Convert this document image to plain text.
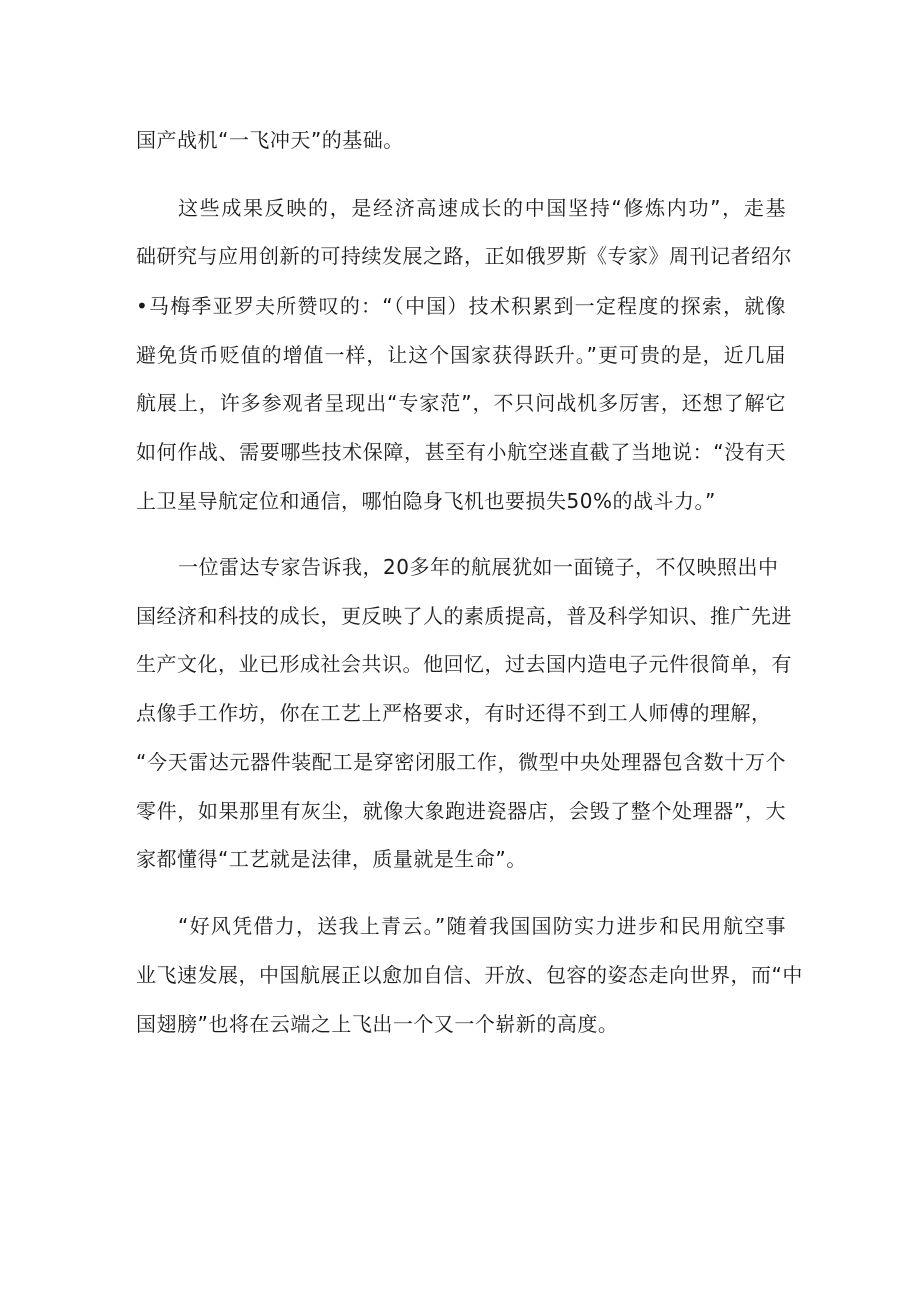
国产战机“一飞冲天”的基础。
这些成果反映的，是经济高速成长的中国坚持“修炼内功”，走基
础研究与应用创新的可持续发展之路，正如俄罗斯《专家》周刊记者绍尔
•马梅季亚罗夫所赞叹的：“（中国）技术积累到一定程度的探索，就像
避免货币贬值的增值一样，让这个国家获得跃升。”更可贵的是，近几届
航展上，许多参观者呈现出“专家范”，不只问战机多厉害，还想了解它
如何作战、需要哪些技术保障，甚至有小航空迷直截了当地说：“没有天
上卫星导航定位和通信，哪怕隐身飞机也要损失50%的战斗力。”
一位雷达专家告诉我，20多年的航展犹如一面镜子，不仅映照出中
国经济和科技的成长，更反映了人的素质提高，普及科学知识、推广先进
生产文化，业已形成社会共识。他回忆，过去国内造电子元件很简单，有
点像手工作坊，你在工艺上严格要求，有时还得不到工人师傅的理解，
“今天雷达元器件装配工是穿密闭服工作，微型中央处理器包含数十万个
零件，如果那里有灰尘，就像大象跑进瓷器店，会毁了整个处理器”，大
家都懂得“工艺就是法律，质量就是生命”。
“好风凭借力，送我上青云。”随着我国国防实力进步和民用航空事
业飞速发展，中国航展正以愈加自信、开放、包容的姿态走向世界，而“中
国翅膀”也将在云端之上飞出一个又一个崭新的高度。
